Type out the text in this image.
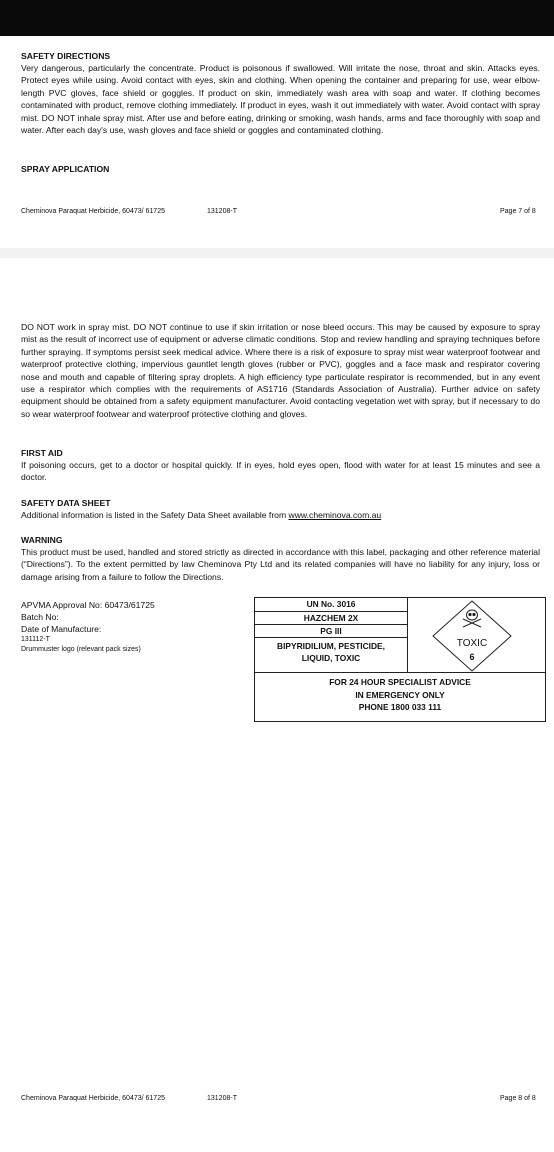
SAFETY DIRECTIONS
Very dangerous, particularly the concentrate. Product is poisonous if swallowed. Will irritate the nose, throat and skin. Attacks eyes. Protect eyes while using. Avoid contact with eyes, skin and clothing. When opening the container and preparing for use, wear elbow-length PVC gloves, face shield or goggles. If product on skin, immediately wash area with soap and water. If clothing becomes contaminated with product, remove clothing immediately. If product in eyes, wash it out immediately with water. Avoid contact with spray mist. DO NOT inhale spray mist. After use and before eating, drinking or smoking, wash hands, arms and face thoroughly with soap and water. After each day's use, wash gloves and face shield or goggles and contaminated clothing.
SPRAY APPLICATION
Cheminova Paraquat Herbicide, 60473/ 61725	131208-T	Page 7 of 8
DO NOT work in spray mist. DO NOT continue to use if skin irritation or nose bleed occurs. This may be caused by exposure to spray mist as the result of incorrect use of equipment or adverse climatic conditions. Stop and review handling and spraying techniques before further spraying. If symptoms persist seek medical advice. Where there is a risk of exposure to spray mist wear waterproof footwear and waterproof protective clothing, impervious gauntlet length gloves (rubber or PVC), goggles and a face mask and respirator covering nose and mouth and capable of filtering spray droplets. A high efficiency type particulate respirator is recommended, but in any event use a respirator which complies with the requirements of AS1716 (Standards Association of Australia). Further advice on safety equipment should be obtained from a safety equipment manufacturer. Avoid contacting vegetation wet with spray, but if necessary to do so wear waterproof footwear and waterproof protective clothing and gloves.
FIRST AID
If poisoning occurs, get to a doctor or hospital quickly. If in eyes, hold eyes open, flood with water for at least 15 minutes and see a doctor.
SAFETY DATA SHEET
Additional information is listed in the Safety Data Sheet available from www.cheminova.com.au
WARNING
This product must be used, handled and stored strictly as directed in accordance with this label, packaging and other reference material (“Directions”). To the extent permitted by law Cheminova Pty Ltd and its related companies will have no liability for any injury, loss or damage arising from a failure to follow the Directions.
APVMA Approval No: 60473/61725
Batch No:
Date of Manufacture:
131112-T
Drummuster logo (relevant pack sizes)
UN No. 3016
HAZCHEM 2X
PG III
BIPYRIDILIUM, PESTICIDE,
LIQUID, TOXIC
TOXIC
6
FOR 24 HOUR SPECIALIST ADVICE
IN EMERGENCY ONLY
PHONE 1800 033 111
Cheminova Paraquat Herbicide, 60473/ 61725	131208-T	Page 8 of 8
